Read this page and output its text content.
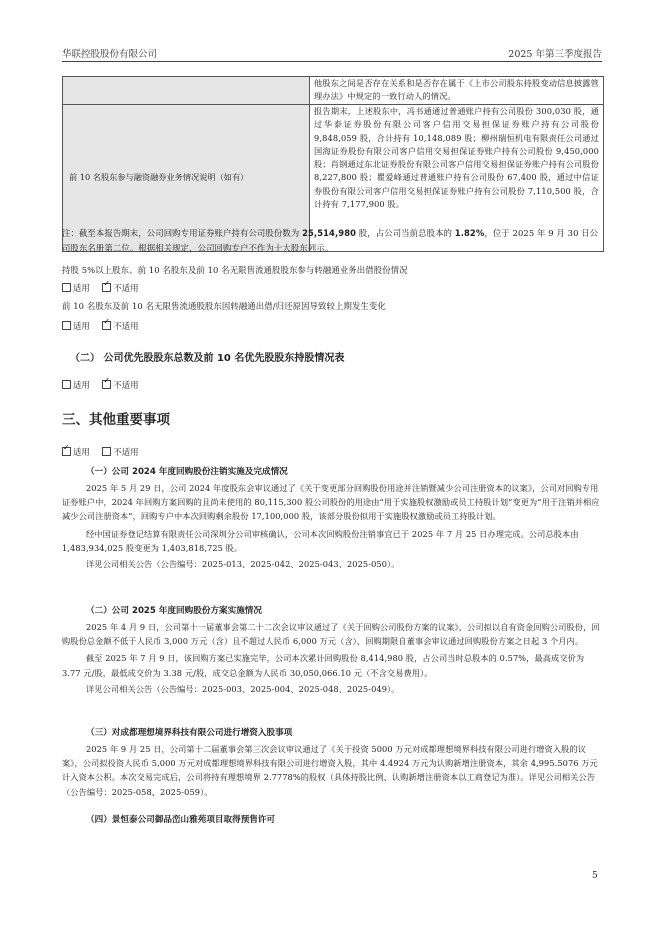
华联控股股份有限公司	2025 年第三季度报告

	他股东之间是否存在关系和是否存在属于《上市公司股东持股变动信息披露管理办法》中规定的一致行动人的情况。

前 10 名股东参与融资融券业务情况说明（如有）	报告期末，上述股东中，冯书通通过普通账户持有公司股份 300,030 股，通过华泰证券股份有限公司客户信用交易担保证券账户持有公司股份 9,848,059 股，合计持有 10,148,089 股；柳州瑞恒机电有限责任公司通过国海证券股份有限公司客户信用交易担保证券账户持有公司股份 9,450,000 股；肖钢通过东北证券股份有限公司客户信用交易担保证券账户持有公司股份 8,227,800 股；瞿爱峰通过普通账户持有公司股份 67,400 股，通过中信证券股份有限公司客户信用交易担保证券账户持有公司股份 7,110,500 股，合计持有 7,177,900 股。
注：截至本报告期末，公司回购专用证券账户持有公司股份数为 25,514,980 股，占公司当前总股本的 1.82%，位于 2025 年 9 月 30 日公司股东名册第二位。根据相关规定，公司回购专户不作为十大股东列示。
持股 5%以上股东、前 10 名股东及前 10 名无限售流通股股东参与转融通业务出借股份情况
适用 ✓	不适用
前 10 名股东及前 10 名无限售流通股股东因转融通出借/归还原因导致较上期发生变化
适用 ✓	不适用
（二） 公司优先股股东总数及前 10 名优先股股东持股情况表
适用 ✓	不适用
三、其他重要事项
✓适用	不适用
（一）公司 2024 年度回购股份注销实施及完成情况
2025 年 5 月 29 日，公司 2024 年度股东会审议通过了《关于变更部分回购股份用途并注销暨减少公司注册资本的议案》，公司对回购专用证券账户中，2024 年回购方案回购的且尚未使用的 80,115,300 股公司股份的用途由“用于实施股权激励或员工持股计划”变更为“用于注销并相应减少公司注册资本”，回购专户中本次回购剩余股份 17,100,000 股，该部分股份拟用于实施股权激励或员工持股计划。
经中国证券登记结算有限责任公司深圳分公司审核确认，公司本次回购股份注销事宜已于 2025 年 7 月 25 日办理完成。公司总股本由 1,483,934,025 股变更为 1,403,818,725 股。
详见公司相关公告（公告编号：2025-013、2025-042、2025-043、2025-050）。
（二）公司 2025 年度回购股份方案实施情况
2025 年 4 月 9 日，公司第十一届董事会第二十二次会议审议通过了《关于回购公司股份方案的议案》，公司拟以自有资金回购公司股份，回购股份总金额不低于人民币 3,000 万元（含）且不超过人民币 6,000 万元（含），回购期限自董事会审议通过回购股份方案之日起 3 个月内。
截至 2025 年 7 月 9 日，该回购方案已实施完毕，公司本次累计回购股份 8,414,980 股，占公司当时总股本的 0.57%，最高成交价为 3.77 元/股，最低成交价为 3.38 元/股，成交总金额为人民币 30,050,066.10 元（不含交易费用）。
详见公司相关公告（公告编号：2025-003、2025-004、2025-048、2025-049）。
（三）对成都理想境界科技有限公司进行增资入股事项
2025 年 9 月 25 日，公司第十二届董事会第三次会议审议通过了《关于投资 5000 万元对成都理想境界科技有限公司进行增资入股的议案》，公司拟投资人民币 5,000 万元对成都理想境界科技有限公司进行增资入股，其中 4.4924 万元为认购新增注册资本，其余 4,995.5076 万元计入资本公积。本次交易完成后，公司将持有理想境界 2.7778%的股权（具体持股比例、认购新增注册资本以工商登记为准）。详见公司相关公告（公告编号：2025-058、2025-059）。
（四）景恒泰公司御品峦山雅苑项目取得预售许可
5
